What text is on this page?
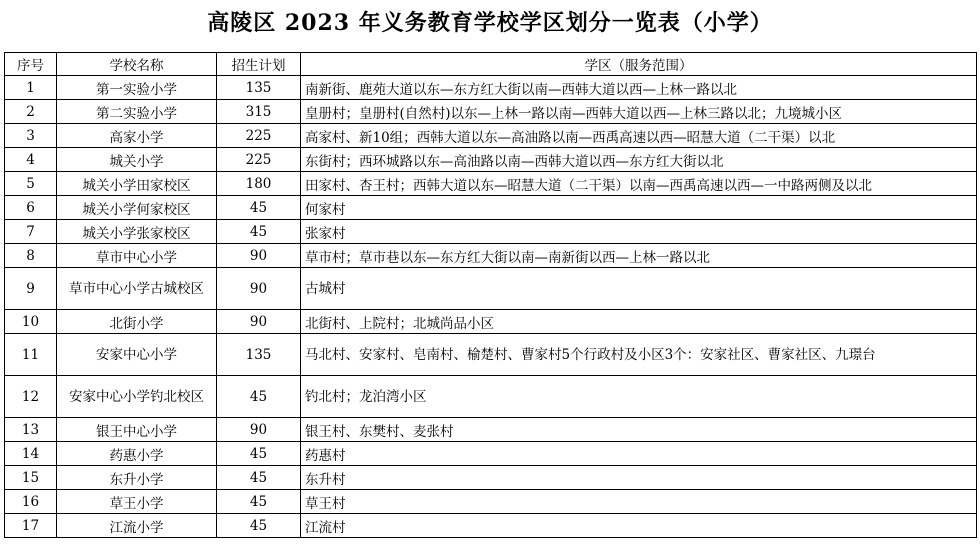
高陵区 2023 年义务教育学校学区划分一览表（小学）
序号	学校名称	招生计划	学区（服务范围）
1	第一实验小学	135	南新街、鹿苑大道以东—东方红大街以南—西韩大道以西—上林一路以北
2	第二实验小学	315	皇册村；皇册村(自然村)以东—上林一路以南—西韩大道以西—上林三路以北；九境城小区
3	高家小学	225	高家村、新10组；西韩大道以东—高油路以南—西禹高速以西—昭慧大道（二干渠）以北
4	城关小学	225	东街村；西环城路以东—高油路以南—西韩大道以西—东方红大街以北
5	城关小学田家校区	180	田家村、杏王村；西韩大道以东—昭慧大道（二干渠）以南—西禹高速以西—一中路两侧及以北
6	城关小学何家校区	45	何家村
7	城关小学张家校区	45	张家村
8	草市中心小学	90	草市村；草市巷以东—东方红大街以南—南新街以西—上林一路以北
9	草市中心小学古城校区	90	古城村
10	北街小学	90	北街村、上院村；北城尚品小区
11	安家中心小学	135	马北村、安家村、皂南村、榆楚村、曹家村5个行政村及小区3个：安家社区、曹家社区、九璟台
12	安家中心小学钓北校区	45	钓北村；龙泊湾小区
13	银王中心小学	90	银王村、东樊村、麦张村
14	药惠小学	45	药惠村
15	东升小学	45	东升村
16	草王小学	45	草王村
17	江流小学	45	江流村
